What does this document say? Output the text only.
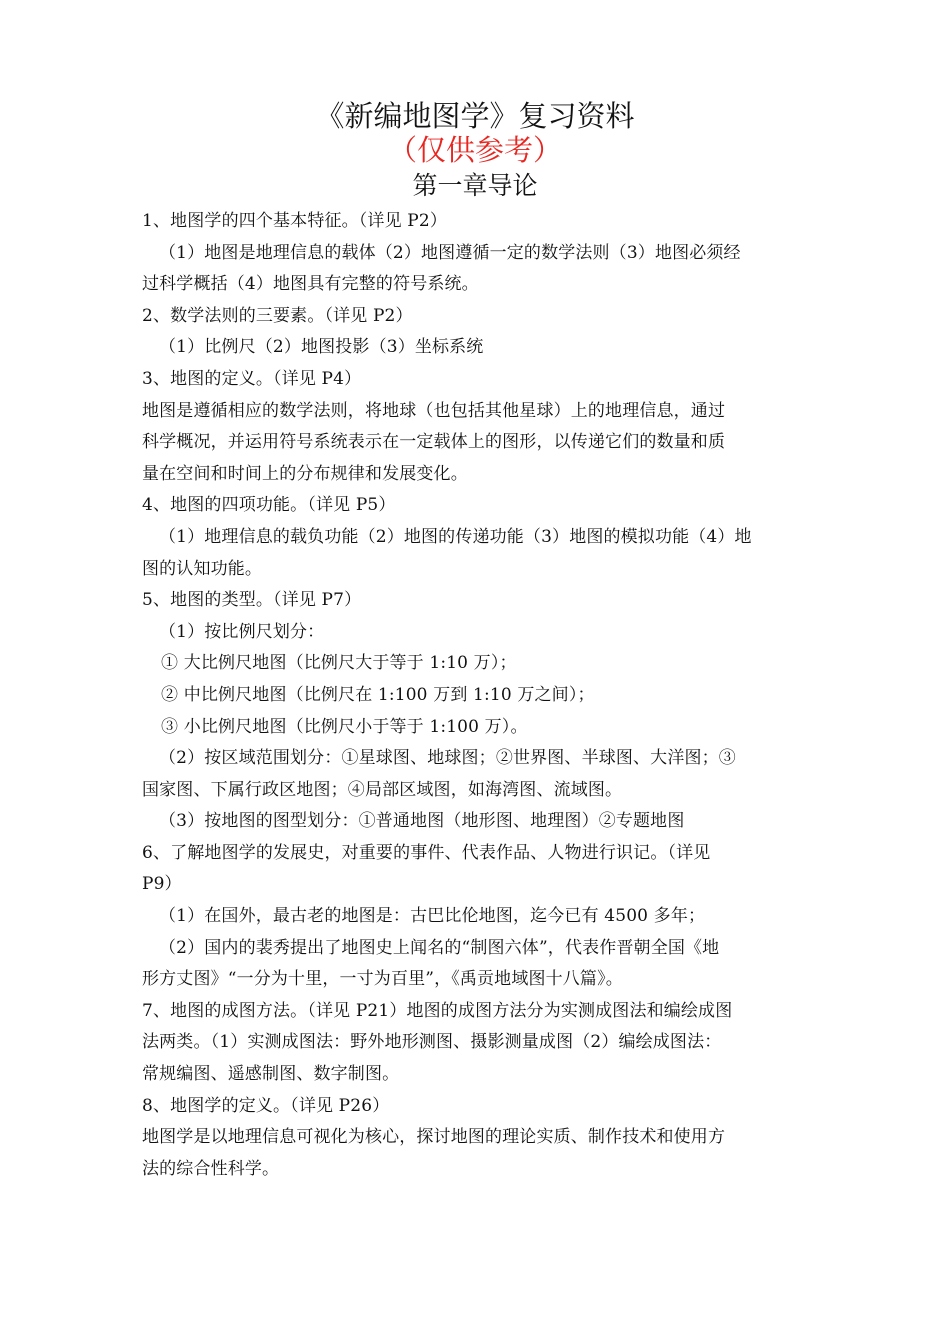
《新编地图学》复习资料
（仅供参考）
第一章导论
1、地图学的四个基本特征。（详见 P2）
（1）地图是地理信息的载体（2）地图遵循一定的数学法则（3）地图必须经
过科学概括（4）地图具有完整的符号系统。
2、数学法则的三要素。（详见 P2）
（1）比例尺（2）地图投影（3）坐标系统
3、地图的定义。（详见 P4）
地图是遵循相应的数学法则，将地球（也包括其他星球）上的地理信息，通过
科学概况，并运用符号系统表示在一定载体上的图形，以传递它们的数量和质
量在空间和时间上的分布规律和发展变化。
4、地图的四项功能。（详见 P5）
（1）地理信息的载负功能（2）地图的传递功能（3）地图的模拟功能（4）地
图的认知功能。
5、地图的类型。（详见 P7）
（1）按比例尺划分：
① 大比例尺地图（比例尺大于等于 1:10 万）；
② 中比例尺地图（比例尺在 1:100 万到 1:10 万之间）；
③ 小比例尺地图（比例尺小于等于 1:100 万）。
（2）按区域范围划分：①星球图、地球图；②世界图、半球图、大洋图；③
国家图、下属行政区地图；④局部区域图，如海湾图、流域图。
（3）按地图的图型划分：①普通地图（地形图、地理图）②专题地图
6、了解地图学的发展史，对重要的事件、代表作品、人物进行识记。（详见
P9）
（1）在国外，最古老的地图是：古巴比伦地图，迄今已有 4500 多年；
（2）国内的裴秀提出了地图史上闻名的“制图六体”，代表作晋朝全国《地
形方丈图》“一分为十里，一寸为百里”，《禹贡地域图十八篇》。
7、地图的成图方法。（详见 P21）地图的成图方法分为实测成图法和编绘成图
法两类。（1）实测成图法：野外地形测图、摄影测量成图（2）编绘成图法：
常规编图、遥感制图、数字制图。
8、地图学的定义。（详见 P26）
地图学是以地理信息可视化为核心，探讨地图的理论实质、制作技术和使用方
法的综合性科学。
